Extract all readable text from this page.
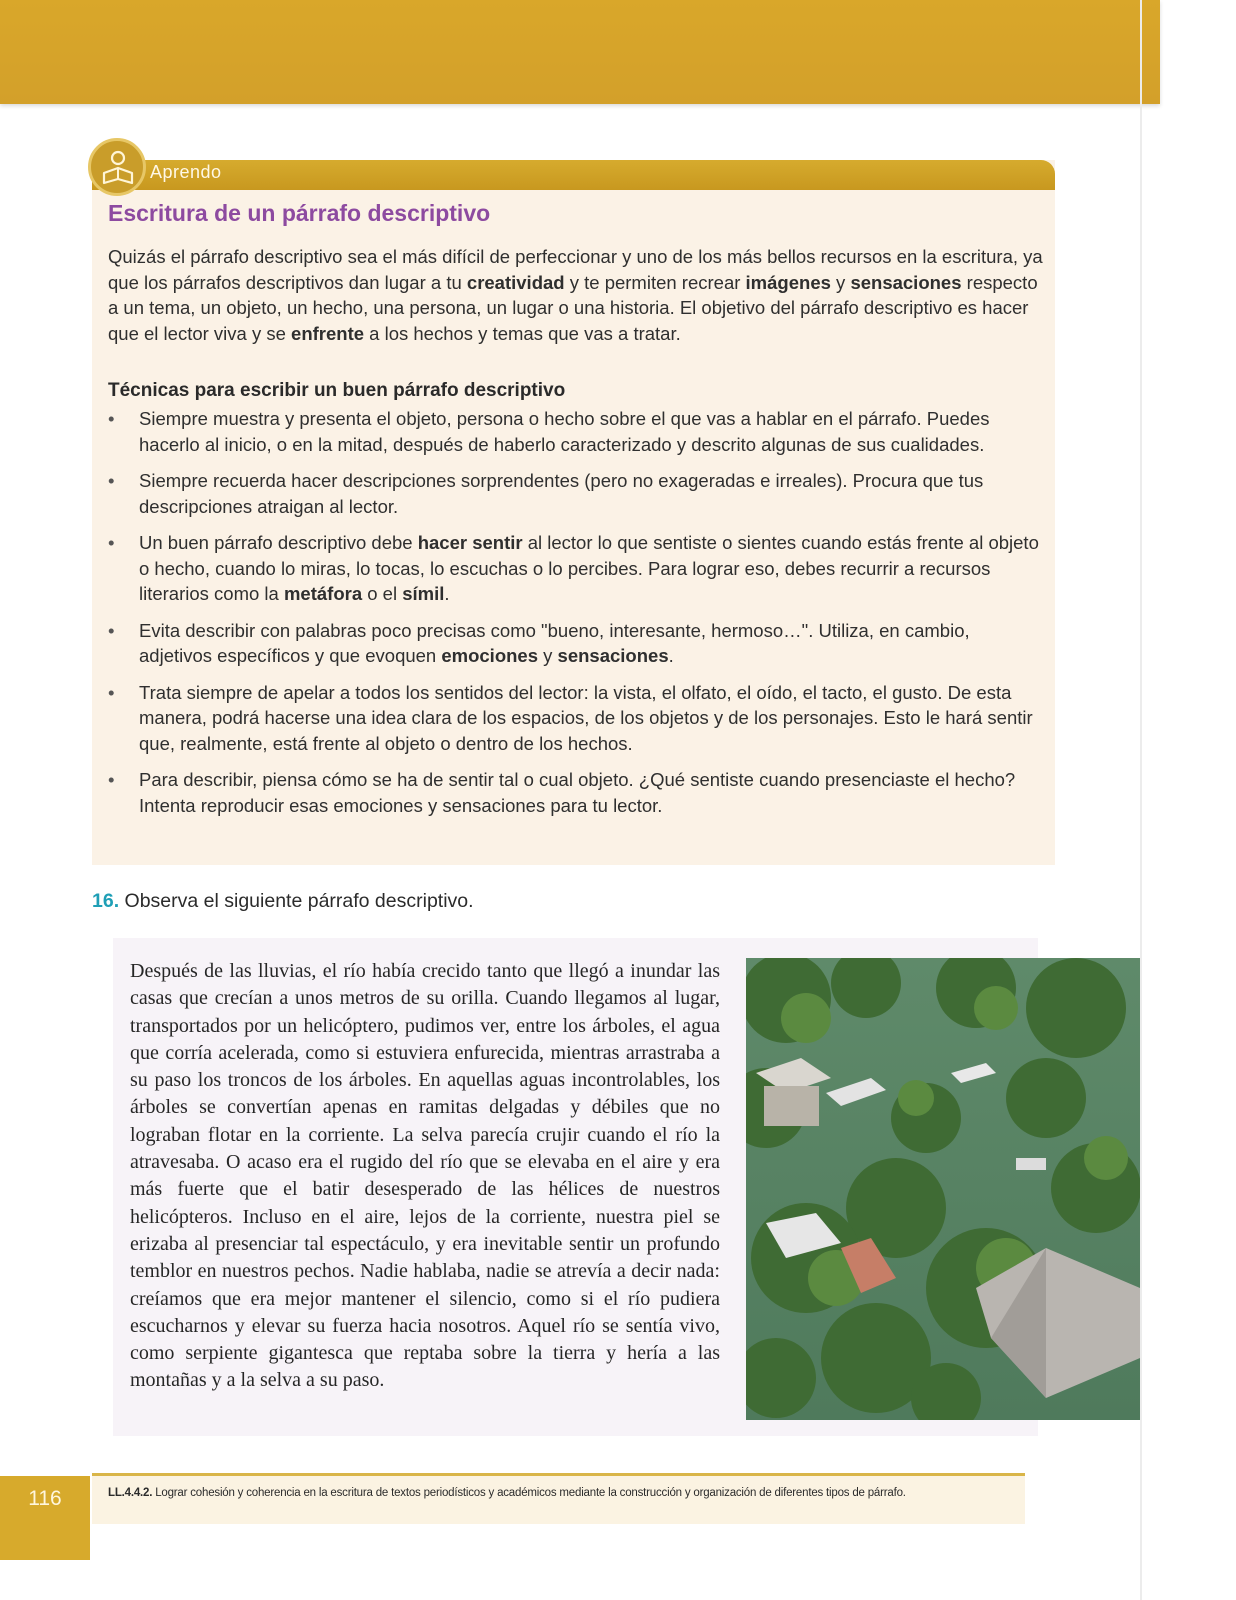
Aprendo
Escritura de un párrafo descriptivo

Quizás el párrafo descriptivo sea el más difícil de perfeccionar y uno de los más bellos recursos en la escritura, ya que los párrafos descriptivos dan lugar a tu creatividad y te permiten recrear imágenes y sensaciones respecto a un tema, un objeto, un hecho, una persona, un lugar o una historia. El objetivo del párrafo descriptivo es hacer que el lector viva y se enfrente a los hechos y temas que vas a tratar.

Técnicas para escribir un buen párrafo descriptivo
• Siempre muestra y presenta el objeto, persona o hecho sobre el que vas a hablar en el párrafo. Puedes hacerlo al inicio, o en la mitad, después de haberlo caracterizado y descrito algunas de sus cualidades.
• Siempre recuerda hacer descripciones sorprendentes (pero no exageradas e irreales). Procura que tus descripciones atraigan al lector.
• Un buen párrafo descriptivo debe hacer sentir al lector lo que sentiste o sientes cuando estás frente al objeto o hecho, cuando lo miras, lo tocas, lo escuchas o lo percibes. Para lograr eso, debes recurrir a recursos literarios como la metáfora o el símil.
• Evita describir con palabras poco precisas como "bueno, interesante, hermoso…". Utiliza, en cambio, adjetivos específicos y que evoquen emociones y sensaciones.
• Trata siempre de apelar a todos los sentidos del lector: la vista, el olfato, el oído, el tacto, el gusto. De esta manera, podrá hacerse una idea clara de los espacios, de los objetos y de los personajes. Esto le hará sentir que, realmente, está frente al objeto o dentro de los hechos.
• Para describir, piensa cómo se ha de sentir tal o cual objeto. ¿Qué sentiste cuando presenciaste el hecho? Intenta reproducir esas emociones y sensaciones para tu lector.

16. Observa el siguiente párrafo descriptivo.

Después de las lluvias, el río había crecido tanto que llegó a inundar las casas que crecían a unos metros de su orilla. Cuando llegamos al lugar, transportados por un helicóptero, pudimos ver, entre los árboles, el agua que corría acelerada, como si estuviera enfurecida, mientras arrastraba a su paso los troncos de los árboles. En aquellas aguas incontrolables, los árboles se convertían apenas en ramitas delgadas y débiles que no lograban flotar en la corriente. La selva parecía crujir cuando el río la atravesaba. O acaso era el rugido del río que se elevaba en el aire y era más fuerte que el batir desesperado de las hélices de nuestros helicópteros. Incluso en el aire, lejos de la corriente, nuestra piel se erizaba al presenciar tal espectáculo, y era inevitable sentir un profundo temblor en nuestros pechos. Nadie hablaba, nadie se atrevía a decir nada: creíamos que era mejor mantener el silencio, como si el río pudiera escucharnos y elevar su fuerza hacia nosotros. Aquel río se sentía vivo, como serpiente gigantesca que reptaba sobre la tierra y hería a las montañas y a la selva a su paso.

116	LL.4.4.2. Lograr cohesión y coherencia en la escritura de textos periodísticos y académicos mediante la construcción y organización de diferentes tipos de párrafo.
